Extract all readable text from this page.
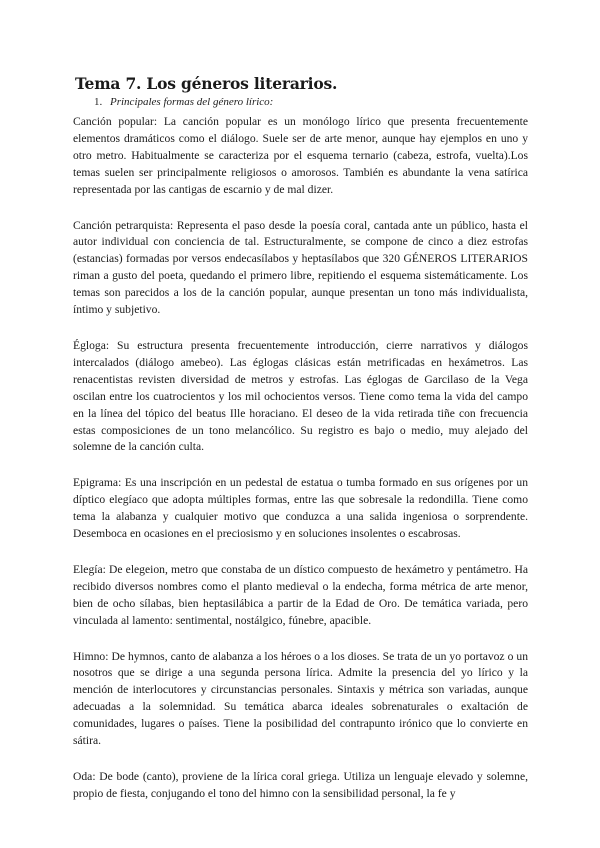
Tema 7. Los géneros literarios.
1. Principales formas del género lírico:

Canción popular: La canción popular es un monólogo lírico que presenta frecuentemente elementos dramáticos como el diálogo. Suele ser de arte menor, aunque hay ejemplos en uno y otro metro. Habitualmente se caracteriza por el esquema ternario (cabeza, estrofa, vuelta).Los temas suelen ser principalmente religiosos o amorosos. También es abundante la vena satírica representada por las cantigas de escarnio y de mal dizer.

Canción petrarquista: Representa el paso desde la poesía coral, cantada ante un público, hasta el autor individual con conciencia de tal. Estructuralmente, se compone de cinco a diez estrofas (estancias) formadas por versos endecasílabos y heptasílabos que 320 GÉNEROS LITERARIOS riman a gusto del poeta, quedando el primero libre, repitiendo el esquema sistemáticamente. Los temas son parecidos a los de la canción popular, aunque presentan un tono más individualista, íntimo y subjetivo.

Égloga: Su estructura presenta frecuentemente introducción, cierre narrativos y diálogos intercalados (diálogo amebeo). Las églogas clásicas están metrificadas en hexámetros. Las renacentistas revisten diversidad de metros y estrofas. Las églogas de Garcilaso de la Vega oscilan entre los cuatrocientos y los mil ochocientos versos. Tiene como tema la vida del campo en la línea del tópico del beatus Ille horaciano. El deseo de la vida retirada tiñe con frecuencia estas composiciones de un tono melancólico. Su registro es bajo o medio, muy alejado del solemne de la canción culta.

Epigrama: Es una inscripción en un pedestal de estatua o tumba formado en sus orígenes por un díptico elegíaco que adopta múltiples formas, entre las que sobresale la redondilla. Tiene como tema la alabanza y cualquier motivo que conduzca a una salida ingeniosa o sorprendente. Desemboca en ocasiones en el preciosismo y en soluciones insolentes o escabrosas.

Elegía: De elegeion, metro que constaba de un dístico compuesto de hexámetro y pentámetro. Ha recibido diversos nombres como el planto medieval o la endecha, forma métrica de arte menor, bien de ocho sílabas, bien heptasilábica a partir de la Edad de Oro. De temática variada, pero vinculada al lamento: sentimental, nostálgico, fúnebre, apacible.

Himno: De hymnos, canto de alabanza a los héroes o a los dioses. Se trata de un yo portavoz o un nosotros que se dirige a una segunda persona lírica. Admite la presencia del yo lírico y la mención de interlocutores y circunstancias personales. Sintaxis y métrica son variadas, aunque adecuadas a la solemnidad. Su temática abarca ideales sobrenaturales o exaltación de comunidades, lugares o países. Tiene la posibilidad del contrapunto irónico que lo convierte en sátira.

Oda: De bode (canto), proviene de la lírica coral griega. Utiliza un lenguaje elevado y solemne, propio de fiesta, conjugando el tono del himno con la sensibilidad personal, la fe y
